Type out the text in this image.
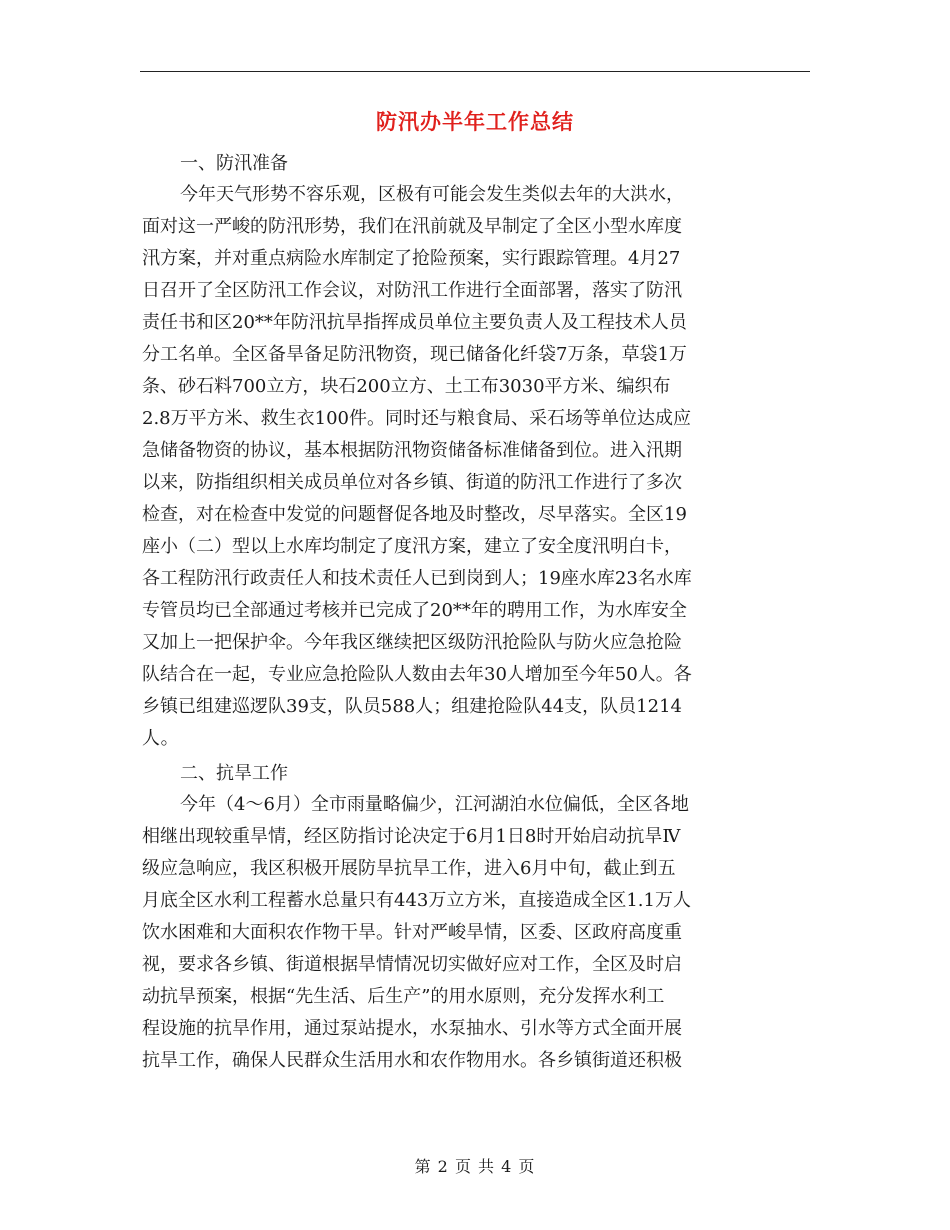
防汛办半年工作总结

一、防汛准备

今年天气形势不容乐观，区极有可能会发生类似去年的大洪水，
面对这一严峻的防汛形势，我们在汛前就及早制定了全区小型水库度
汛方案，并对重点病险水库制定了抢险预案，实行跟踪管理。4月27
日召开了全区防汛工作会议，对防汛工作进行全面部署，落实了防汛
责任书和区20**年防汛抗旱指挥成员单位主要负责人及工程技术人员
分工名单。全区备旱备足防汛物资，现已储备化纤袋7万条，草袋1万
条、砂石料700立方，块石200立方、土工布3030平方米、编织布
2.8万平方米、救生衣100件。同时还与粮食局、采石场等单位达成应
急储备物资的协议，基本根据防汛物资储备标准储备到位。进入汛期
以来，防指组织相关成员单位对各乡镇、街道的防汛工作进行了多次
检查，对在检查中发觉的问题督促各地及时整改，尽早落实。全区19
座小（二）型以上水库均制定了度汛方案，建立了安全度汛明白卡，
各工程防汛行政责任人和技术责任人已到岗到人；19座水库23名水库
专管员均已全部通过考核并已完成了20**年的聘用工作，为水库安全
又加上一把保护伞。今年我区继续把区级防汛抢险队与防火应急抢险
队结合在一起，专业应急抢险队人数由去年30人增加至今年50人。各
乡镇已组建巡逻队39支，队员588人；组建抢险队44支，队员1214
人。

二、抗旱工作

今年（4～6月）全市雨量略偏少，江河湖泊水位偏低，全区各地
相继出现较重旱情，经区防指讨论决定于6月1日8时开始启动抗旱Ⅳ
级应急响应，我区积极开展防旱抗旱工作，进入6月中旬，截止到五
月底全区水利工程蓄水总量只有443万立方米，直接造成全区1.1万人
饮水困难和大面积农作物干旱。针对严峻旱情，区委、区政府高度重
视，要求各乡镇、街道根据旱情情况切实做好应对工作，全区及时启
动抗旱预案，根据“先生活、后生产”的用水原则，充分发挥水利工
程设施的抗旱作用，通过泵站提水，水泵抽水、引水等方式全面开展
抗旱工作，确保人民群众生活用水和农作物用水。各乡镇街道还积极
第 2 页 共 4 页
